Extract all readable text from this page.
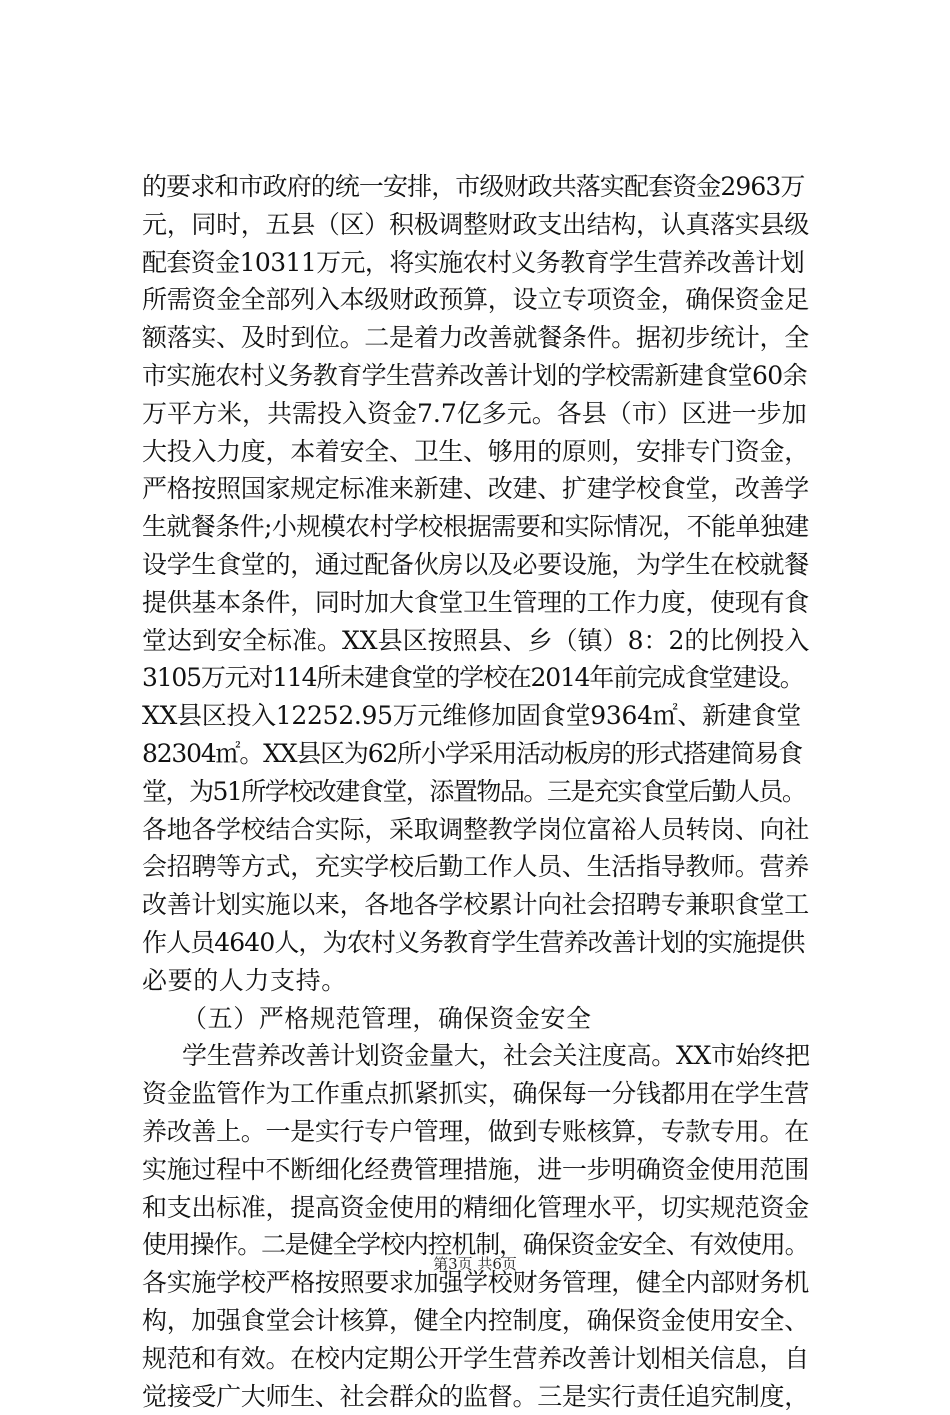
的要求和市政府的统一安排，市级财政共落实配套资金2963万
元，同时，五县（区）积极调整财政支出结构，认真落实县级
配套资金10311万元，将实施农村义务教育学生营养改善计划
所需资金全部列入本级财政预算，设立专项资金，确保资金足
额落实、及时到位。二是着力改善就餐条件。据初步统计，全
市实施农村义务教育学生营养改善计划的学校需新建食堂60余
万平方米，共需投入资金7.7亿多元。各县（市）区进一步加
大投入力度，本着安全、卫生、够用的原则，安排专门资金，
严格按照国家规定标准来新建、改建、扩建学校食堂，改善学
生就餐条件;小规模农村学校根据需要和实际情况，不能单独建
设学生食堂的，通过配备伙房以及必要设施，为学生在校就餐
提供基本条件，同时加大食堂卫生管理的工作力度，使现有食
堂达到安全标准。XX县区按照县、乡（镇）8：2的比例投入
3105万元对114所未建食堂的学校在2014年前完成食堂建设。
XX县区投入12252.95万元维修加固食堂9364㎡、新建食堂
82304㎡。XX县区为62所小学采用活动板房的形式搭建简易食
堂，为51所学校改建食堂，添置物品。三是充实食堂后勤人员。
各地各学校结合实际，采取调整教学岗位富裕人员转岗、向社
会招聘等方式，充实学校后勤工作人员、生活指导教师。营养
改善计划实施以来，各地各学校累计向社会招聘专兼职食堂工
作人员4640人，为农村义务教育学生营养改善计划的实施提供
必要的人力支持。
（五）严格规范管理，确保资金安全
学生营养改善计划资金量大，社会关注度高。XX市始终把
资金监管作为工作重点抓紧抓实，确保每一分钱都用在学生营
养改善上。一是实行专户管理，做到专账核算，专款专用。在
实施过程中不断细化经费管理措施，进一步明确资金使用范围
和支出标准，提高资金使用的精细化管理水平，切实规范资金
使用操作。二是健全学校内控机制，确保资金安全、有效使用。
各实施学校严格按照要求加强学校财务管理，健全内部财务机
构，加强食堂会计核算，健全内控制度，确保资金使用安全、
规范和有效。在校内定期公开学生营养改善计划相关信息，自
觉接受广大师生、社会群众的监督。三是实行责任追究制度，
第3页 共6页
